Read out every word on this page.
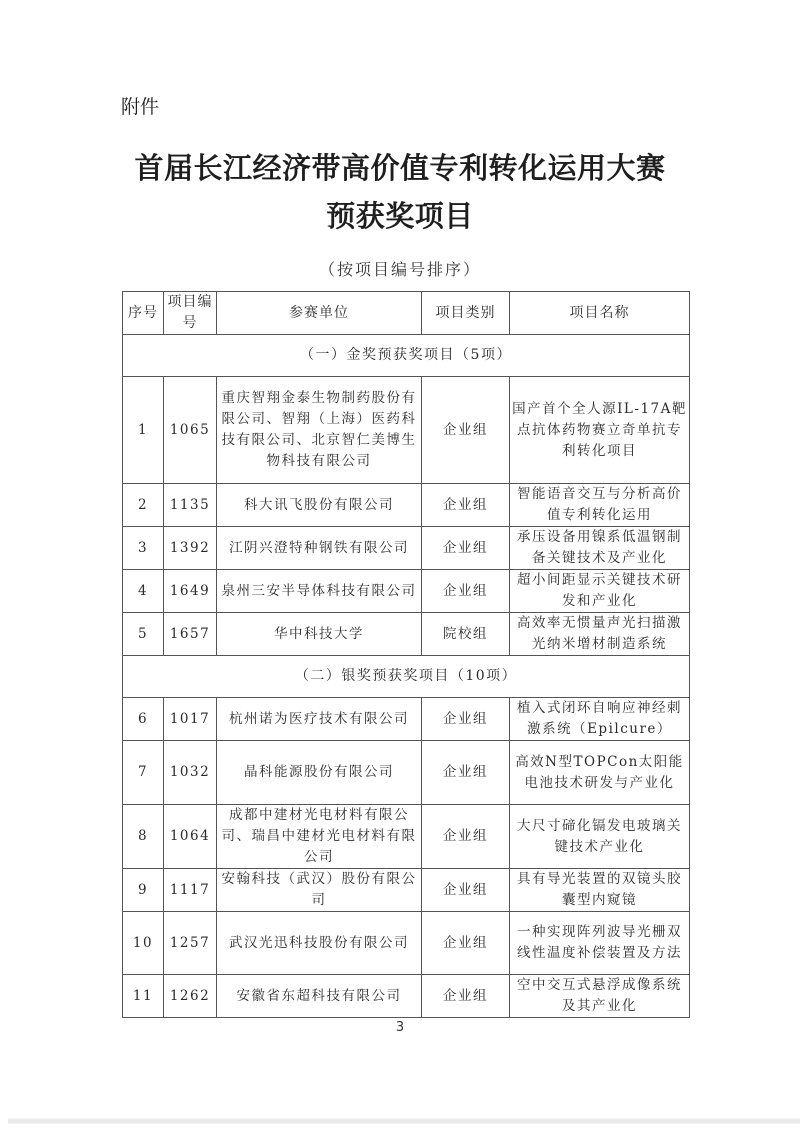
附件
首届长江经济带高价值专利转化运用大赛
预获奖项目
（按项目编号排序）
序号	项目编号	参赛单位	项目类别	项目名称
（一）金奖预获奖项目（5项）				
1	1065	重庆智翔金泰生物制药股份有限公司、智翔（上海）医药科技有限公司、北京智仁美博生物科技有限公司	企业组	国产首个全人源IL-17A靶点抗体药物赛立奇单抗专利转化项目
2	1135	科大讯飞股份有限公司	企业组	智能语音交互与分析高价值专利转化运用
3	1392	江阴兴澄特种钢铁有限公司	企业组	承压设备用镍系低温钢制备关键技术及产业化
4	1649	泉州三安半导体科技有限公司	企业组	超小间距显示关键技术研发和产业化
5	1657	华中科技大学	院校组	高效率无惯量声光扫描激光纳米增材制造系统
（二）银奖预获奖项目（10项）				
6	1017	杭州诺为医疗技术有限公司	企业组	植入式闭环自响应神经刺激系统（Epilcure）
7	1032	晶科能源股份有限公司	企业组	高效N型TOPCon太阳能电池技术研发与产业化
8	1064	成都中建材光电材料有限公司、瑞昌中建材光电材料有限公司	企业组	大尺寸碲化镉发电玻璃关键技术产业化
9	1117	安翰科技（武汉）股份有限公司	企业组	具有导光装置的双镜头胶囊型内窥镜
10	1257	武汉光迅科技股份有限公司	企业组	一种实现阵列波导光栅双线性温度补偿装置及方法
11	1262	安徽省东超科技有限公司	企业组	空中交互式悬浮成像系统及其产业化
3
